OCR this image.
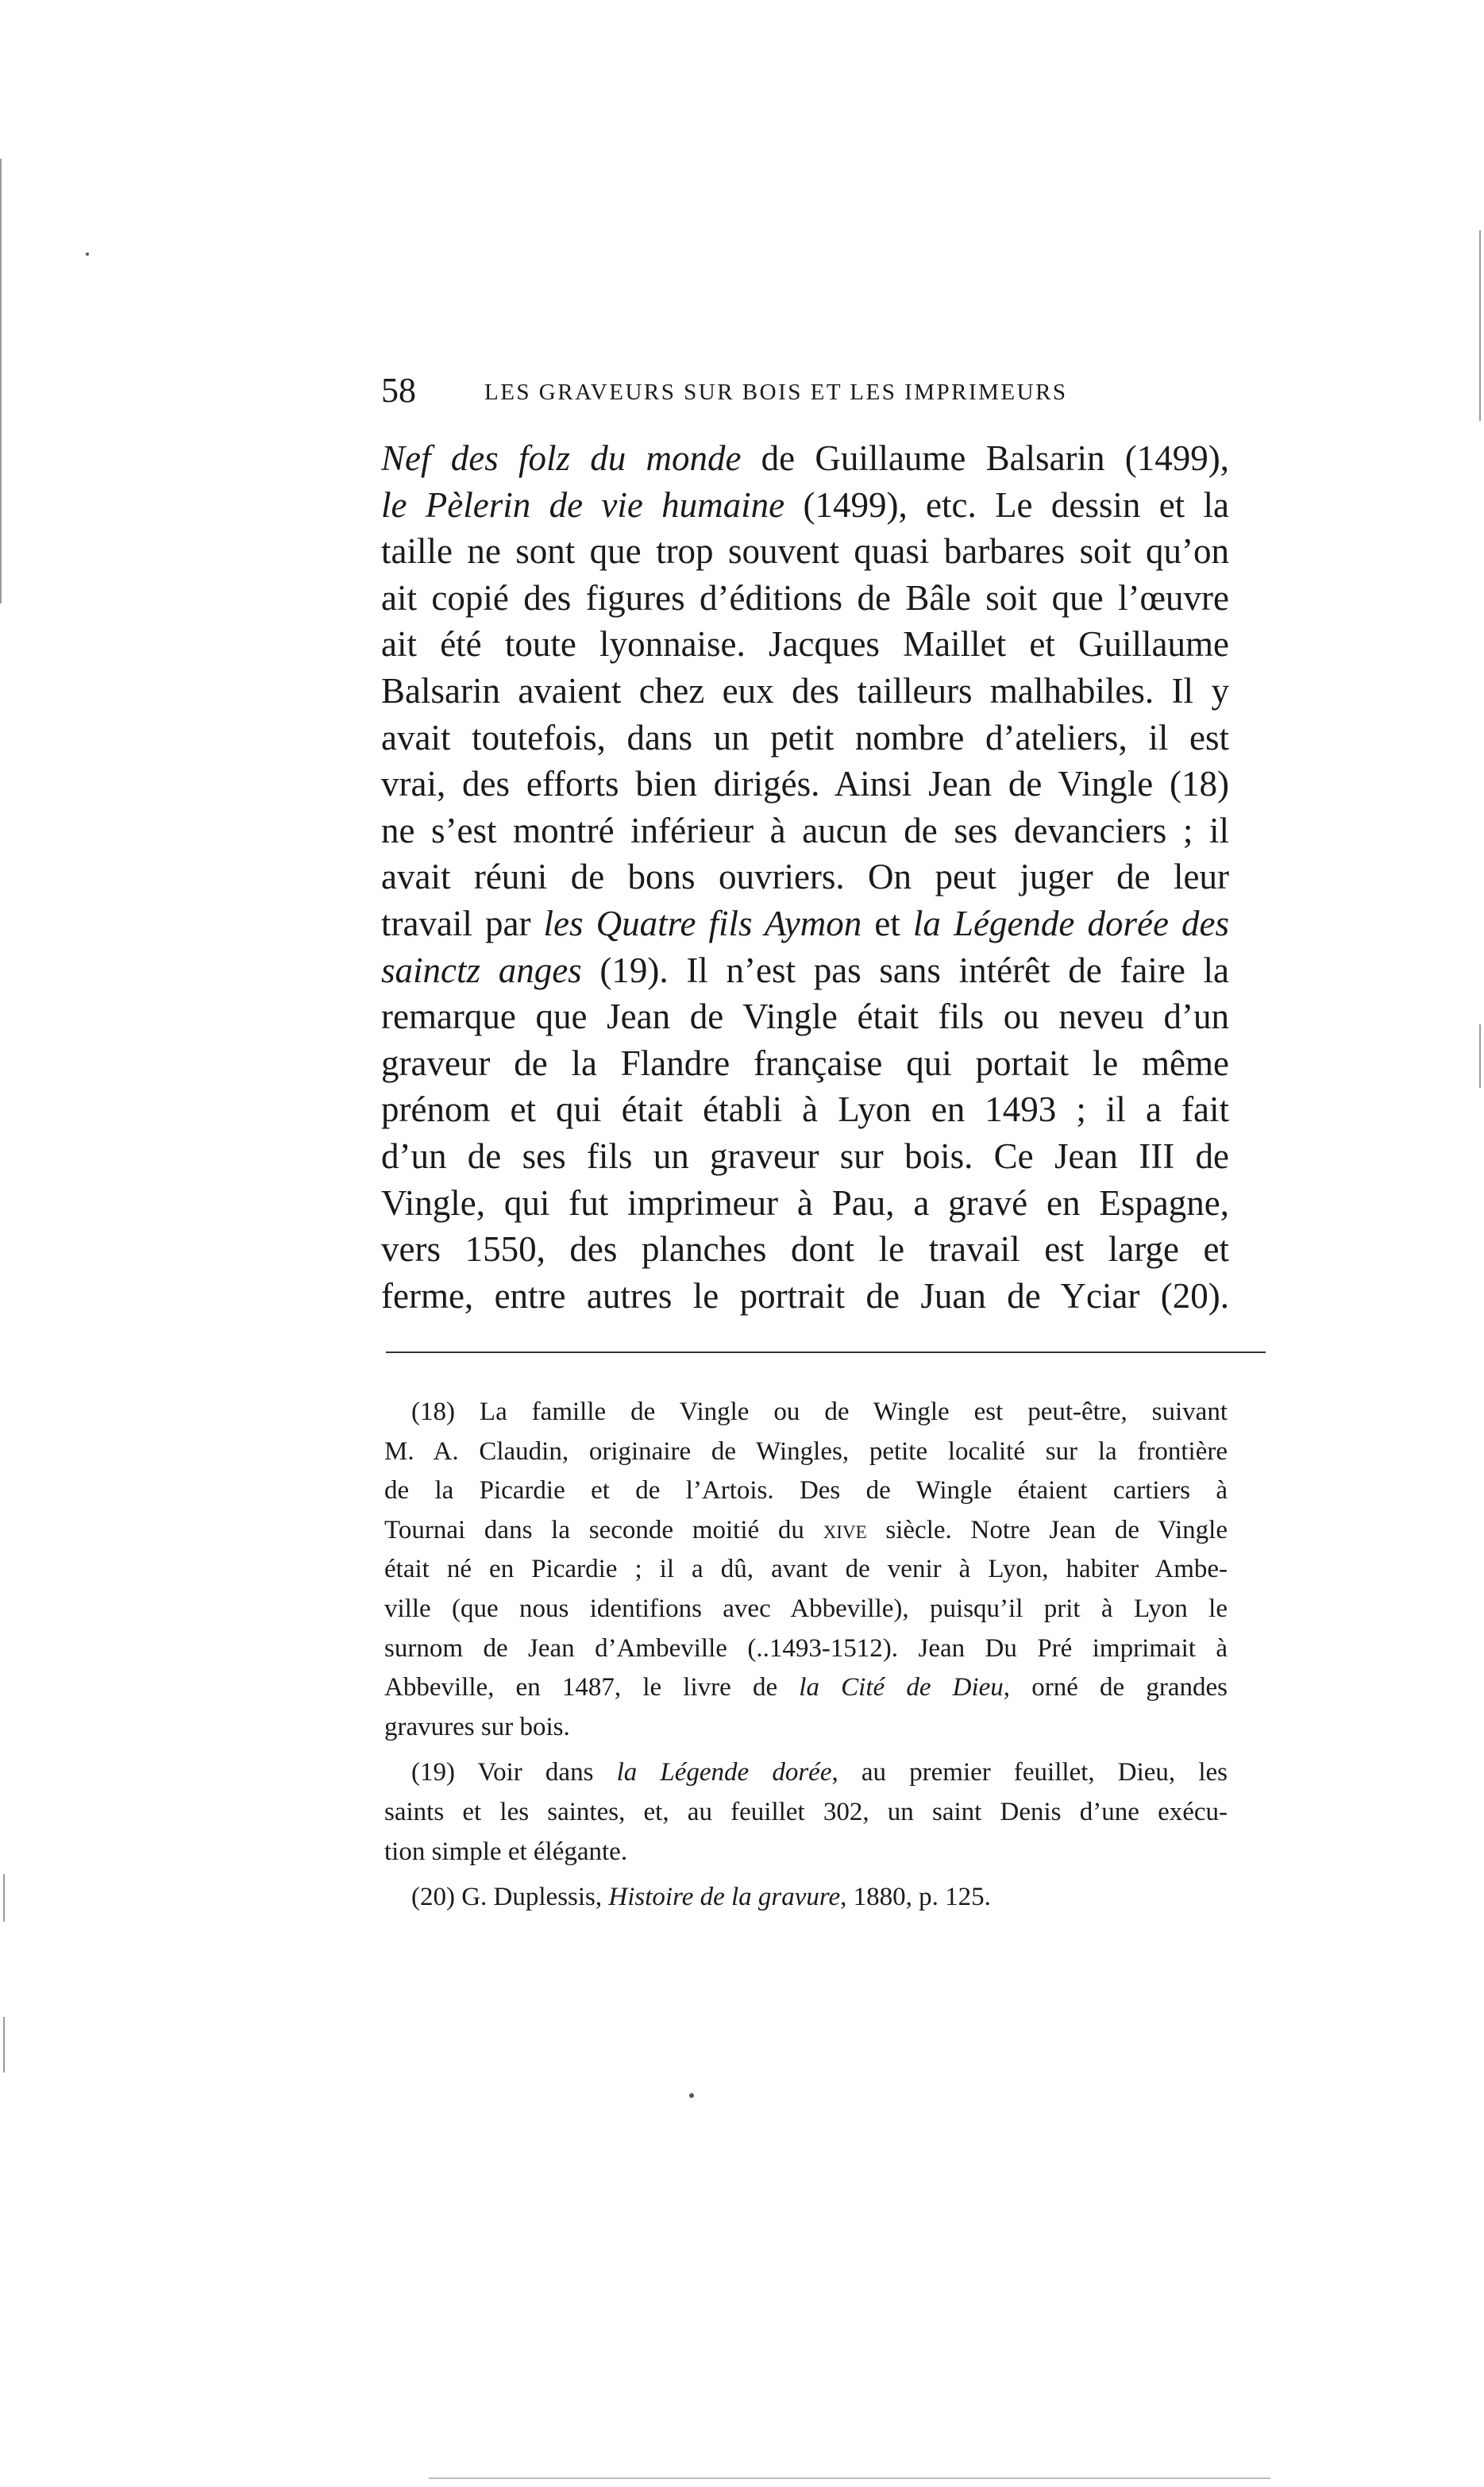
58	LES GRAVEURS SUR BOIS ET LES IMPRIMEURS
Nef des folz du monde de Guillaume Balsarin (1499),
le Pèlerin de vie humaine (1499), etc. Le dessin et la
taille ne sont que trop souvent quasi barbares soit qu’on
ait copié des figures d’éditions de Bâle soit que l’œuvre
ait été toute lyonnaise. Jacques Maillet et Guillaume
Balsarin avaient chez eux des tailleurs malhabiles. Il y
avait toutefois, dans un petit nombre d’ateliers, il est
vrai, des efforts bien dirigés. Ainsi Jean de Vingle (18)
ne s’est montré inférieur à aucun de ses devanciers ; il
avait réuni de bons ouvriers. On peut juger de leur
travail par les Quatre fils Aymon et la Légende dorée des
sainctz anges (19). Il n’est pas sans intérêt de faire la
remarque que Jean de Vingle était fils ou neveu d’un
graveur de la Flandre française qui portait le même
prénom et qui était établi à Lyon en 1493 ; il a fait
d’un de ses fils un graveur sur bois. Ce Jean III de
Vingle, qui fut imprimeur à Pau, a gravé en Espagne,
vers 1550, des planches dont le travail est large et
ferme, entre autres le portrait de Juan de Yciar (20).
(18) La famille de Vingle ou de Wingle est peut-être, suivant
M. A. Claudin, originaire de Wingles, petite localité sur la frontière
de la Picardie et de l’Artois. Des de Wingle étaient cartiers à
Tournai dans la seconde moitié du xive siècle. Notre Jean de Vingle
était né en Picardie ; il a dû, avant de venir à Lyon, habiter Ambe-
ville (que nous identifions avec Abbeville), puisqu’il prit à Lyon le
surnom de Jean d’Ambeville (..1493-1512). Jean Du Pré imprimait à
Abbeville, en 1487, le livre de la Cité de Dieu, orné de grandes
gravures sur bois.
(19) Voir dans la Légende dorée, au premier feuillet, Dieu, les
saints et les saintes, et, au feuillet 302, un saint Denis d’une exécu-
tion simple et élégante.
(20) G. Duplessis, Histoire de la gravure, 1880, p. 125.
